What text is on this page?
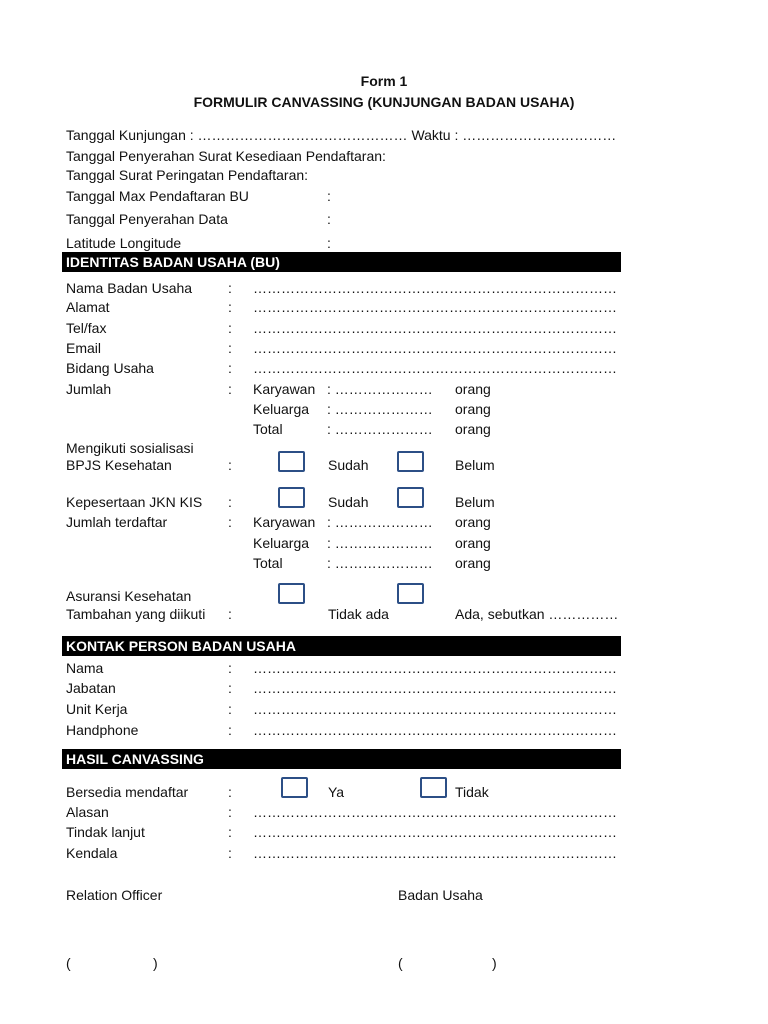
Form 1
FORMULIR CANVASSING (KUNJUNGAN BADAN USAHA)
Tanggal Kunjungan : ……………………………………… Waktu : ……………………………
Tanggal Penyerahan Surat Kesediaan Pendaftaran:
Tanggal Surat Peringatan Pendaftaran:
Tanggal Max Pendaftaran BU	:
Tanggal Penyerahan Data	:
Latitude Longitude	:
IDENTITAS BADAN USAHA (BU)
Nama Badan Usaha	: ……………………………………………………………………
Alamat	: ……………………………………………………………………
Tel/fax	: ……………………………………………………………………
Email	: ……………………………………………………………………
Bidang Usaha	: ……………………………………………………………………
Jumlah	: Karyawan : ………………… orang
Keluarga : ………………… orang
Total	: ………………… orang
Mengikuti sosialisasi
BPJS Kesehatan	:	Sudah	Belum
Kepesertaan JKN KIS :	Sudah	Belum
Jumlah terdaftar	: Karyawan : ………………… orang
Keluarga : ………………… orang
Total	: ………………… orang
Asuransi Kesehatan
Tambahan yang diikuti :	Tidak ada	Ada, sebutkan ……………
KONTAK PERSON BADAN USAHA
Nama	: ……………………………………………………………………
Jabatan	: ……………………………………………………………………
Unit Kerja	: ……………………………………………………………………
Handphone	: ……………………………………………………………………
HASIL CANVASSING
Bersedia mendaftar	:	Ya	Tidak
Alasan	: ……………………………………………………………………
Tindak lanjut	: ……………………………………………………………………
Kendala	: ……………………………………………………………………
Relation Officer	Badan Usaha
(	)	(	)
